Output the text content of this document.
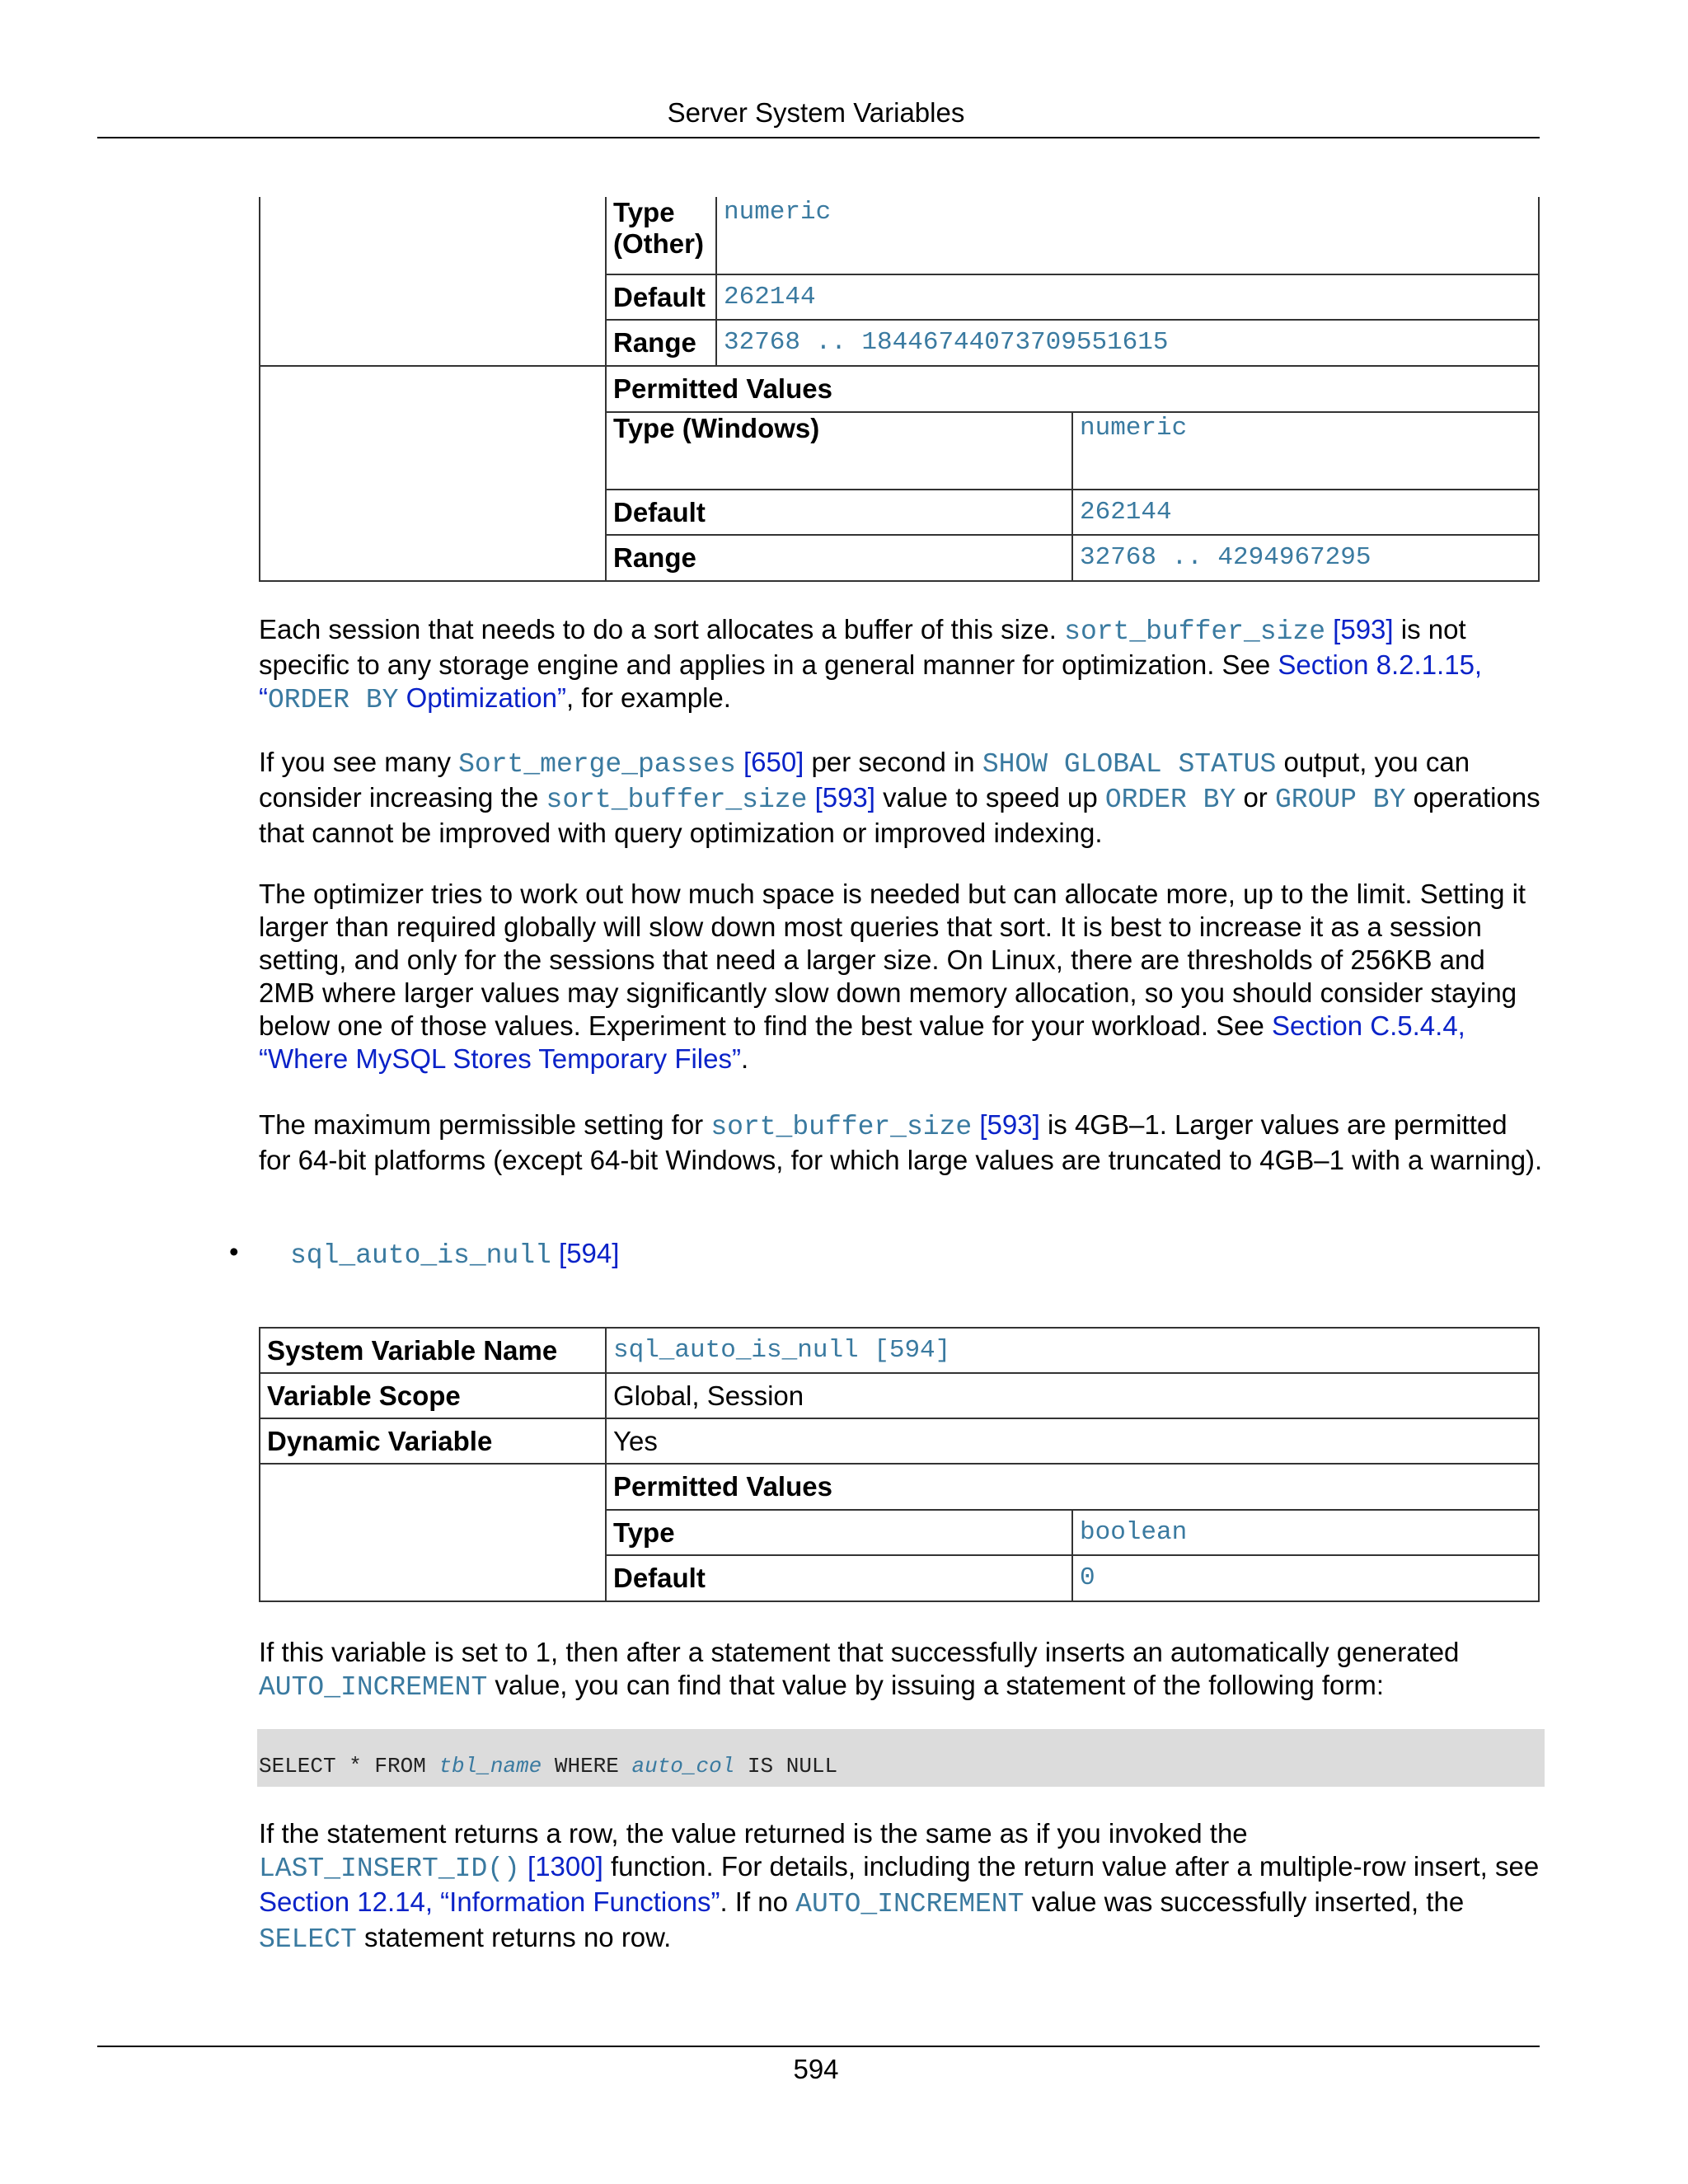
Server System Variables

Type (Other)	numeric
Default	262144
Range	32768 .. 18446744073709551615

Permitted Values
Type (Windows)	numeric
Default	262144
Range	32768 .. 4294967295
Each session that needs to do a sort allocates a buffer of this size. sort_buffer_size [593] is not specific to any storage engine and applies in a general manner for optimization. See Section 8.2.1.15,
“ORDER BY Optimization”, for example.
If you see many Sort_merge_passes [650] per second in SHOW GLOBAL STATUS output, you can consider increasing the sort_buffer_size [593] value to speed up ORDER BY or GROUP BY operations that cannot be improved with query optimization or improved indexing.
The optimizer tries to work out how much space is needed but can allocate more, up to the limit. Setting it larger than required globally will slow down most queries that sort. It is best to increase it as a session setting, and only for the sessions that need a larger size. On Linux, there are thresholds of 256KB and 2MB where larger values may significantly slow down memory allocation, so you should consider staying below one of those values. Experiment to find the best value for your workload. See Section C.5.4.4, “Where MySQL Stores Temporary Files”.
The maximum permissible setting for sort_buffer_size [593] is 4GB–1. Larger values are permitted for 64-bit platforms (except 64-bit Windows, for which large values are truncated to 4GB–1 with a warning).
• sql_auto_is_null [594]
System Variable Name	sql_auto_is_null [594]
Variable Scope	Global, Session
Dynamic Variable	Yes

Permitted Values
Type	boolean
Default	0
If this variable is set to 1, then after a statement that successfully inserts an automatically generated
AUTO_INCREMENT value, you can find that value by issuing a statement of the following form:
SELECT * FROM tbl_name WHERE auto_col IS NULL
If the statement returns a row, the value returned is the same as if you invoked the
LAST_INSERT_ID() [1300] function. For details, including the return value after a multiple-row insert, see Section 12.14, “Information Functions”. If no AUTO_INCREMENT value was successfully inserted, the SELECT statement returns no row.
594
